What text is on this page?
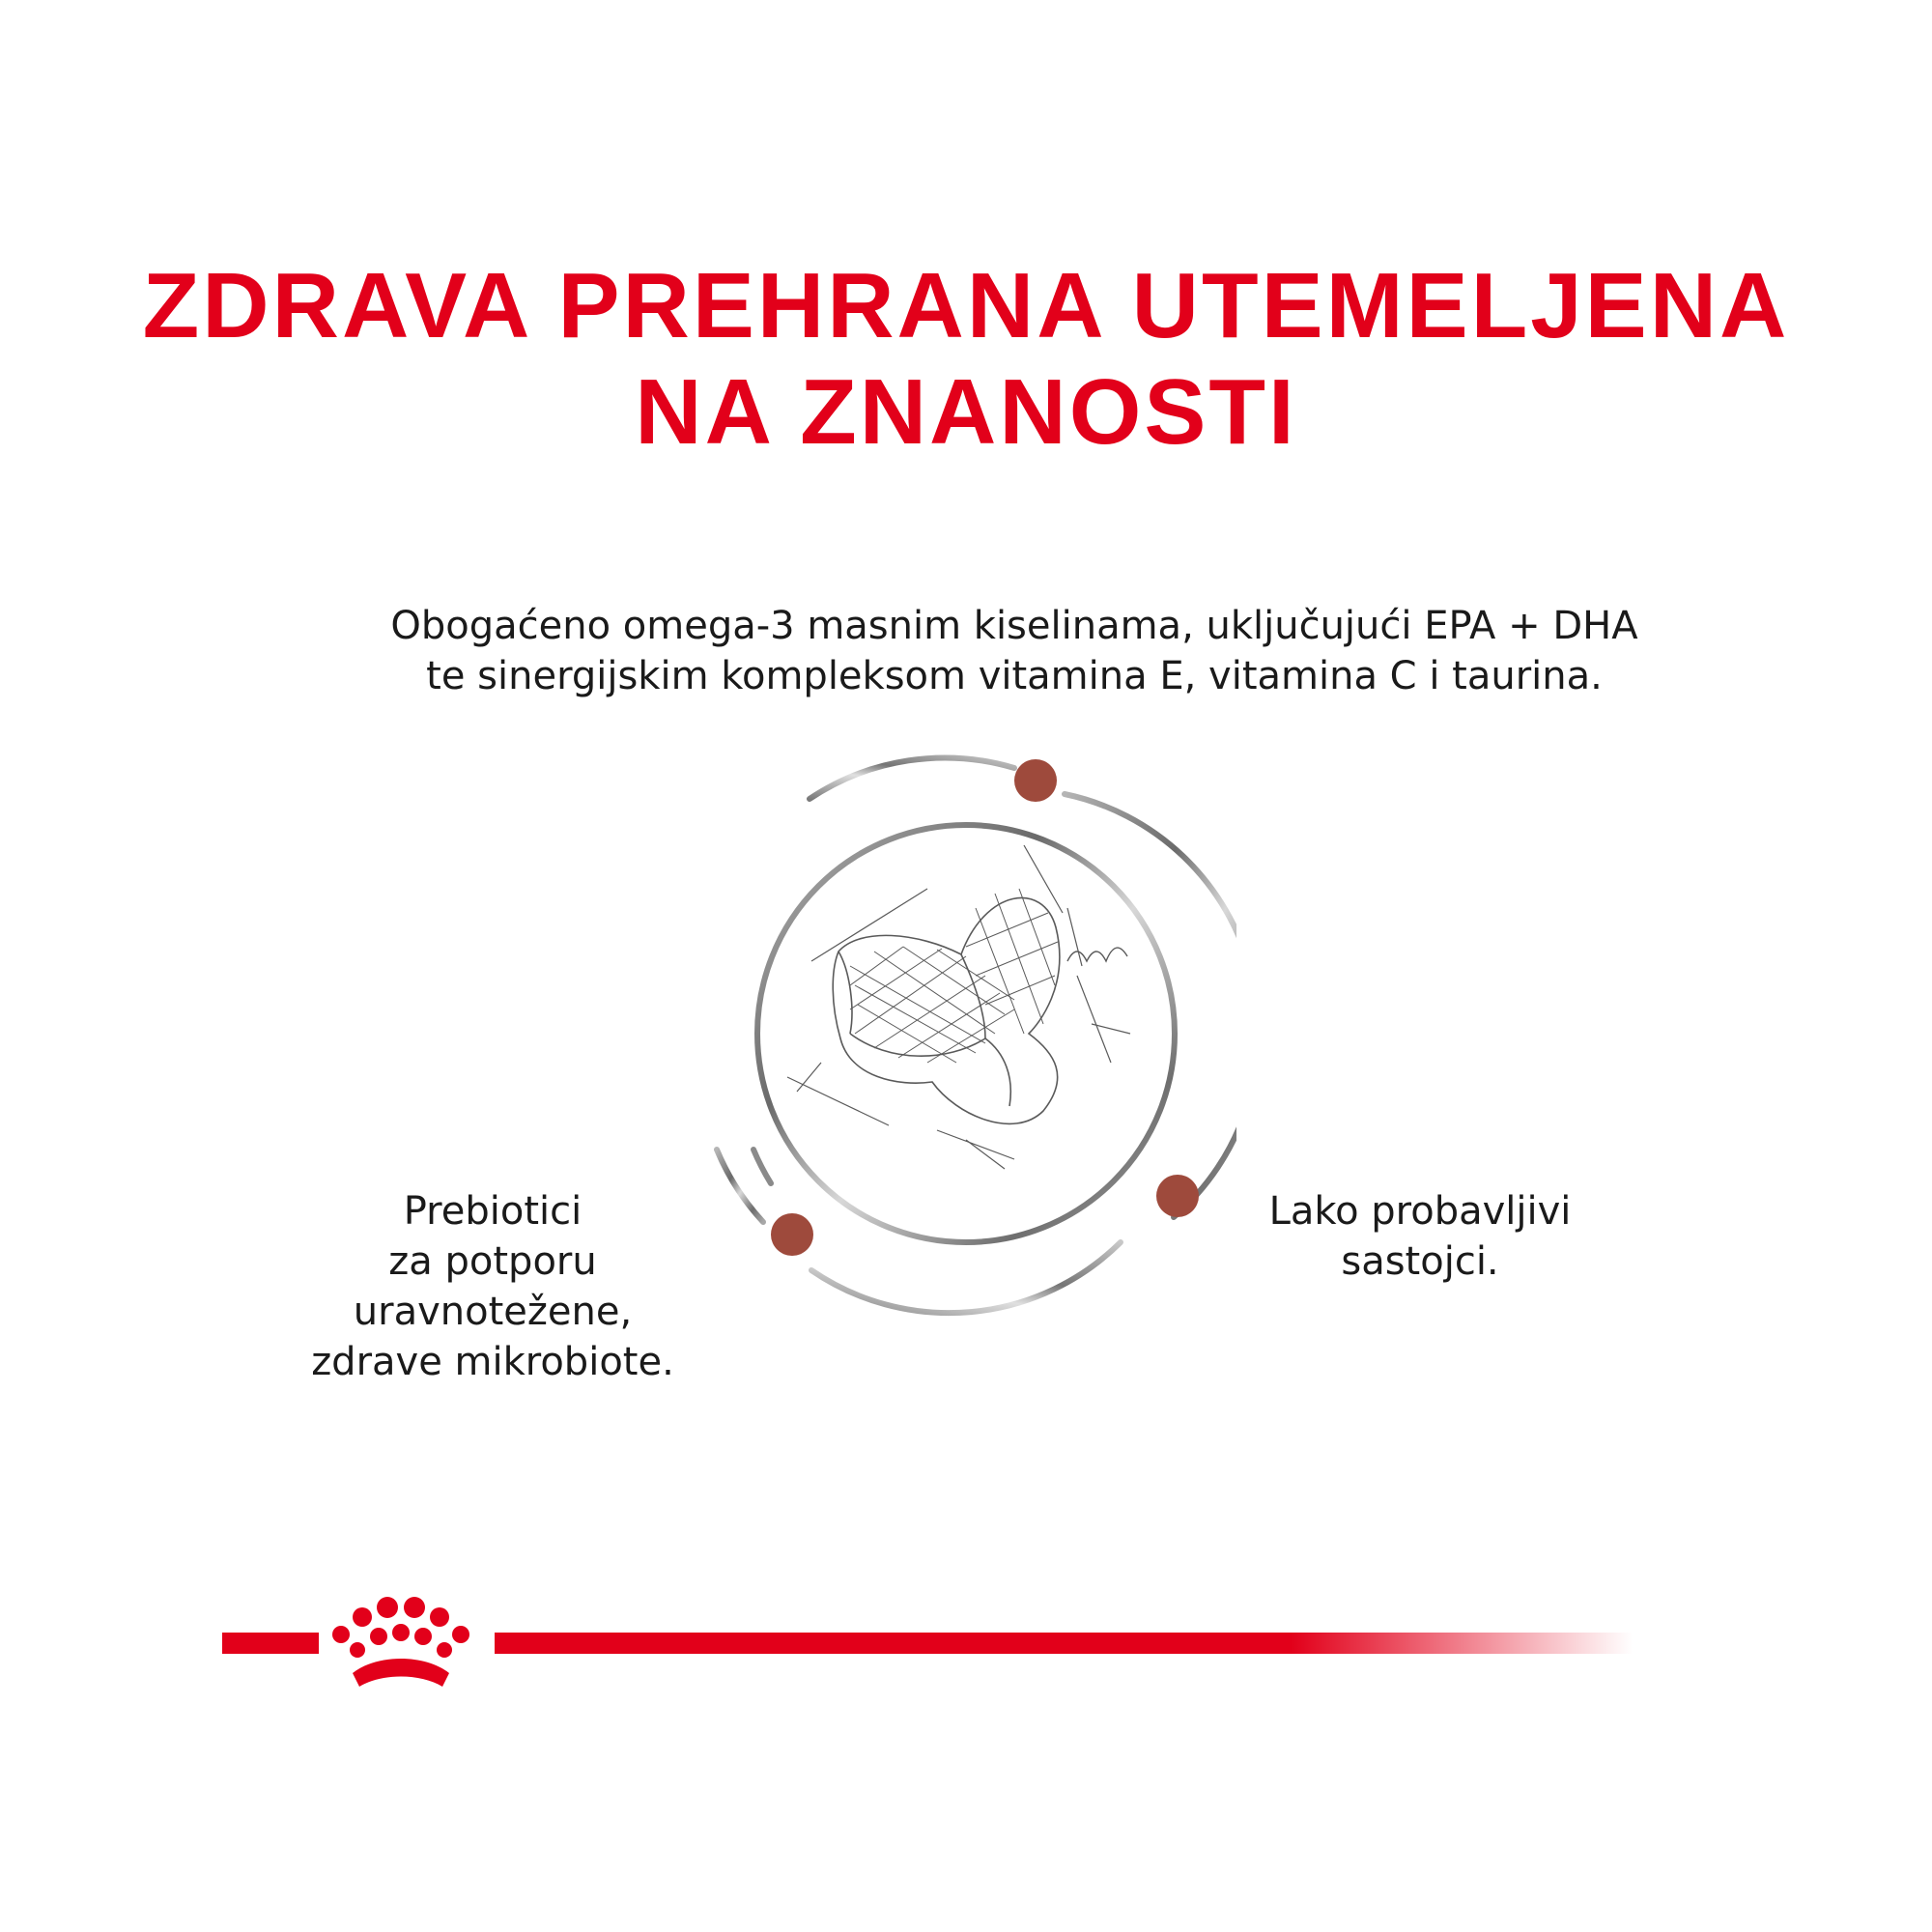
ZDRAVA PREHRANA UTEMELJENA
NA ZNANOSTI

Obogaćeno omega-3 masnim kiselinama, uključujući EPA + DHA
te sinergijskim kompleksom vitamina E, vitamina C i taurina.

Prebiotici
za potporu
uravnotežene,
zdrave mikrobiote.

Lako probavljivi
sastojci.
